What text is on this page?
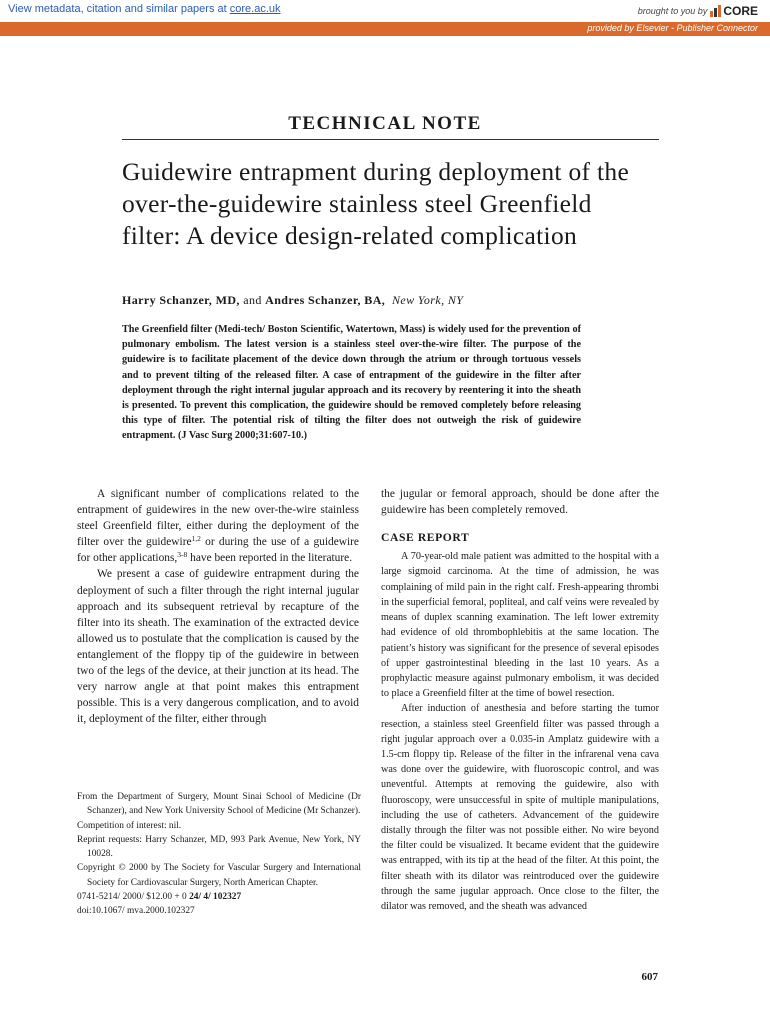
View metadata, citation and similar papers at core.ac.uk	brought to you by CORE
provided by Elsevier - Publisher Connector
TECHNICAL NOTE
Guidewire entrapment during deployment of the over-the-guidewire stainless steel Greenfield filter: A device design-related complication
Harry Schanzer, MD, and Andres Schanzer, BA, New York, NY

The Greenfield filter (Medi-tech/ Boston Scientific, Watertown, Mass) is widely used for the prevention of pulmonary embolism. The latest version is a stainless steel over-the-wire filter. The purpose of the guidewire is to facilitate placement of the device down through the atrium or through tortuous vessels and to prevent tilting of the released filter. A case of entrapment of the guidewire in the filter after deployment through the right internal jugular approach and its recovery by reentering it into the sheath is presented. To prevent this complication, the guidewire should be removed completely before releasing this type of filter. The potential risk of tilting the filter does not outweigh the risk of guidewire entrapment. (J Vasc Surg 2000;31:607-10.)

A significant number of complications related to the entrapment of guidewires in the new over-the-wire stainless steel Greenfield filter, either during the deployment of the filter over the guidewire$^{1,2}$ or during the use of a guidewire for other applications,$^{3-8}$ have been reported in the literature.

We present a case of guidewire entrapment during the deployment of such a filter through the right internal jugular approach and its subsequent retrieval by recapture of the filter into its sheath. The examination of the extracted device allowed us to postulate that the complication is caused by the entanglement of the floppy tip of the guidewire in between two of the legs of the device, at their junction at its head. The very narrow angle at that point makes this entrapment possible. This is a very dangerous complication, and to avoid it, deployment of the filter, either through

From the Department of Surgery, Mount Sinai School of Medicine (Dr Schanzer), and New York University School of Medicine (Mr Schanzer).

Competition of interest: nil.

Reprint requests: Harry Schanzer, MD, 993 Park Avenue, New York, NY 10028.

Copyright © 2000 by The Society for Vascular Surgery and International Society for Cardiovascular Surgery, North American Chapter.

0741-5214/ 2000/ $12.00 + 0 24/ 4/ 102327

doi:10.1067/ mva.2000.102327

the jugular or femoral approach, should be done after the guidewire has been completely removed.

CASE REPORT

A 70-year-old male patient was admitted to the hospital with a large sigmoid carcinoma. At the time of admission, he was complaining of mild pain in the right calf. Fresh-appearing thrombi in the superficial femoral, popliteal, and calf veins were revealed by means of duplex scanning examination. The left lower extremity had evidence of old thrombophlebitis at the same location. The patient’s history was significant for the presence of several episodes of upper gastrointestinal bleeding in the last 10 years. As a prophylactic measure against pulmonary embolism, it was decided to place a Greenfield filter at the time of bowel resection.

After induction of anesthesia and before starting the tumor resection, a stainless steel Greenfield filter was passed through a right jugular approach over a 0.035-in Amplatz guidewire with a 1.5-cm floppy tip. Release of the filter in the infrarenal vena cava was done over the guidewire, with fluoroscopic control, and was uneventful. Attempts at removing the guidewire, also with fluoroscopy, were unsuccessful in spite of multiple manipulations, including the use of catheters. Advancement of the guidewire distally through the filter was not possible either. No wire beyond the filter could be visualized. It became evident that the guidewire was entrapped, with its tip at the head of the filter. At this point, the filter sheath with its dilator was reintroduced over the guidewire through the same jugular approach. Once close to the filter, the dilator was removed, and the sheath was advanced

607
